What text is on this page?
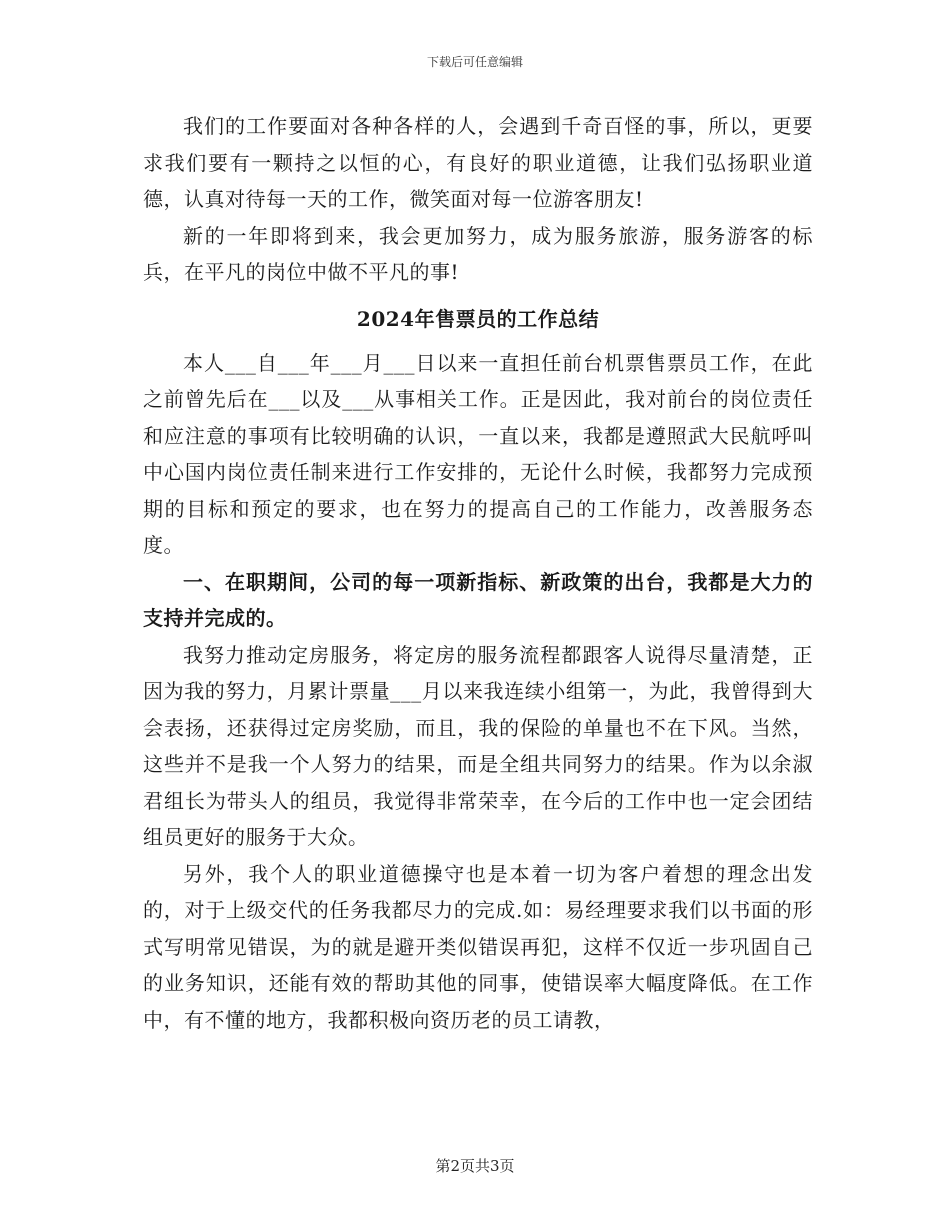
下载后可任意编辑

我们的工作要面对各种各样的人，会遇到千奇百怪的事，所以，更要求我们要有一颗持之以恒的心，有良好的职业道德，让我们弘扬职业道德，认真对待每一天的工作，微笑面对每一位游客朋友!

新的一年即将到来，我会更加努力，成为服务旅游，服务游客的标兵，在平凡的岗位中做不平凡的事!

2024年售票员的工作总结

本人___自___年___月___日以来一直担任前台机票售票员工作，在此之前曾先后在___以及___从事相关工作。正是因此，我对前台的岗位责任和应注意的事项有比较明确的认识，一直以来，我都是遵照武大民航呼叫中心国内岗位责任制来进行工作安排的，无论什么时候，我都努力完成预期的目标和预定的要求，也在努力的提高自己的工作能力，改善服务态度。

一、在职期间，公司的每一项新指标、新政策的出台，我都是大力的支持并完成的。

我努力推动定房服务，将定房的服务流程都跟客人说得尽量清楚，正因为我的努力，月累计票量___月以来我连续小组第一，为此，我曾得到大会表扬，还获得过定房奖励，而且，我的保险的单量也不在下风。当然，这些并不是我一个人努力的结果，而是全组共同努力的结果。作为以余淑君组长为带头人的组员，我觉得非常荣幸，在今后的工作中也一定会团结组员更好的服务于大众。

另外，我个人的职业道德操守也是本着一切为客户着想的理念出发的，对于上级交代的任务我都尽力的完成.如：易经理要求我们以书面的形式写明常见错误，为的就是避开类似错误再犯，这样不仅近一步巩固自己的业务知识，还能有效的帮助其他的同事，使错误率大幅度降低。在工作中，有不懂的地方，我都积极向资历老的员工请教，

第2页共3页
